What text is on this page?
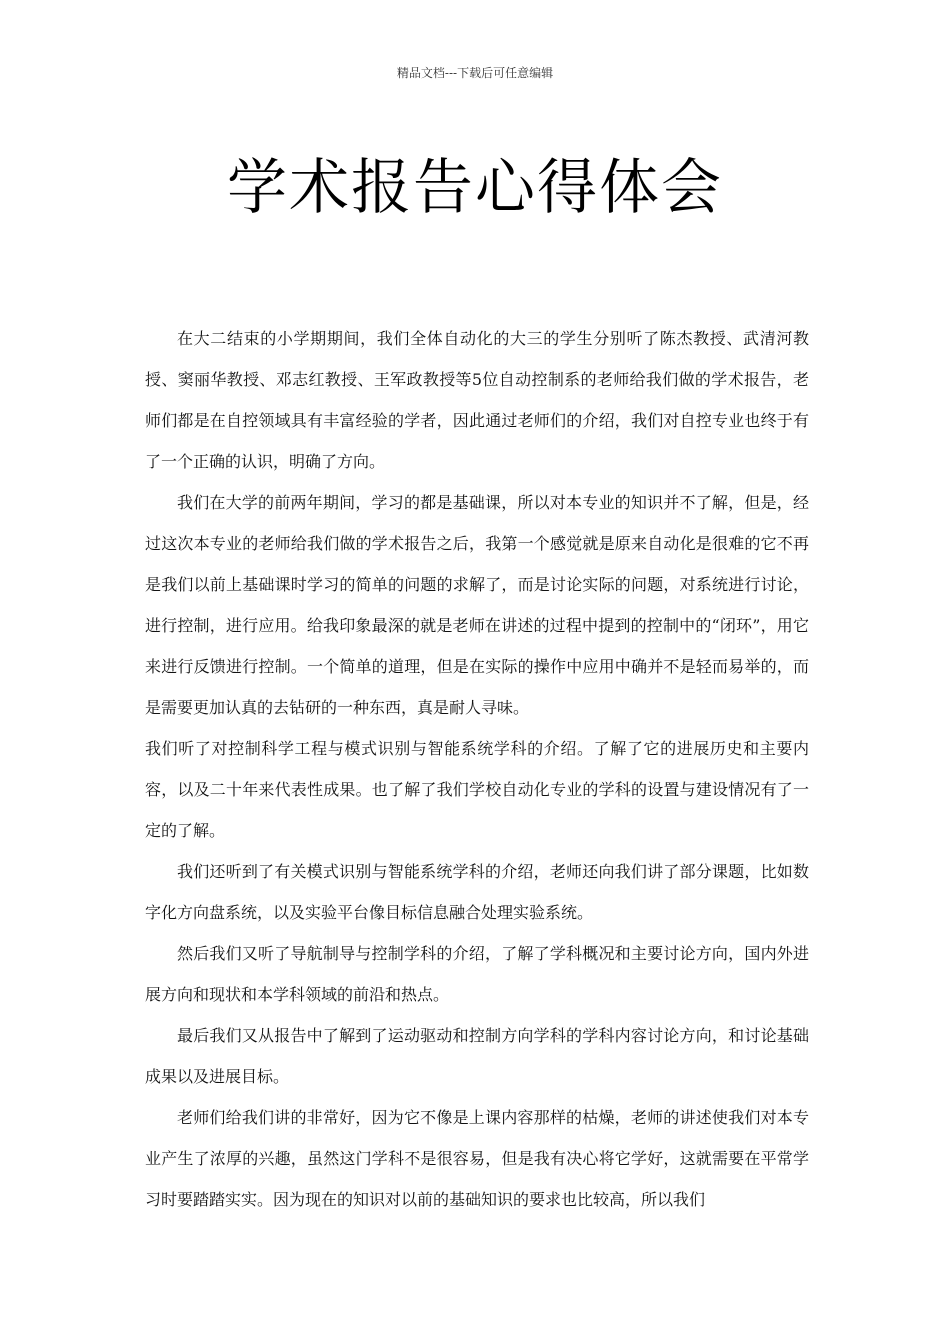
精品文档---下载后可任意编辑
学术报告心得体会

在大二结束的小学期期间，我们全体自动化的大三的学生分别听了陈杰教授、武清河教授、窦丽华教授、邓志红教授、王军政教授等5位自动控制系的老师给我们做的学术报告，老师们都是在自控领域具有丰富经验的学者，因此通过老师们的介绍，我们对自控专业也终于有了一个正确的认识，明确了方向。

我们在大学的前两年期间，学习的都是基础课，所以对本专业的知识并不了解，但是，经过这次本专业的老师给我们做的学术报告之后，我第一个感觉就是原来自动化是很难的它不再是我们以前上基础课时学习的简单的问题的求解了，而是讨论实际的问题，对系统进行讨论，进行控制，进行应用。给我印象最深的就是老师在讲述的过程中提到的控制中的“闭环”，用它来进行反馈进行控制。一个简单的道理，但是在实际的操作中应用中确并不是轻而易举的，而是需要更加认真的去钻研的一种东西，真是耐人寻味。

我们听了对控制科学工程与模式识别与智能系统学科的介绍。了解了它的进展历史和主要内容，以及二十年来代表性成果。也了解了我们学校自动化专业的学科的设置与建设情况有了一定的了解。

我们还听到了有关模式识别与智能系统学科的介绍，老师还向我们讲了部分课题，比如数字化方向盘系统，以及实验平台像目标信息融合处理实验系统。

然后我们又听了导航制导与控制学科的介绍，了解了学科概况和主要讨论方向，国内外进展方向和现状和本学科领域的前沿和热点。

最后我们又从报告中了解到了运动驱动和控制方向学科的学科内容讨论方向，和讨论基础成果以及进展目标。

老师们给我们讲的非常好，因为它不像是上课内容那样的枯燥，老师的讲述使我们对本专业产生了浓厚的兴趣，虽然这门学科不是很容易，但是我有决心将它学好，这就需要在平常学习时要踏踏实实。因为现在的知识对以前的基础知识的要求也比较高，所以我们
